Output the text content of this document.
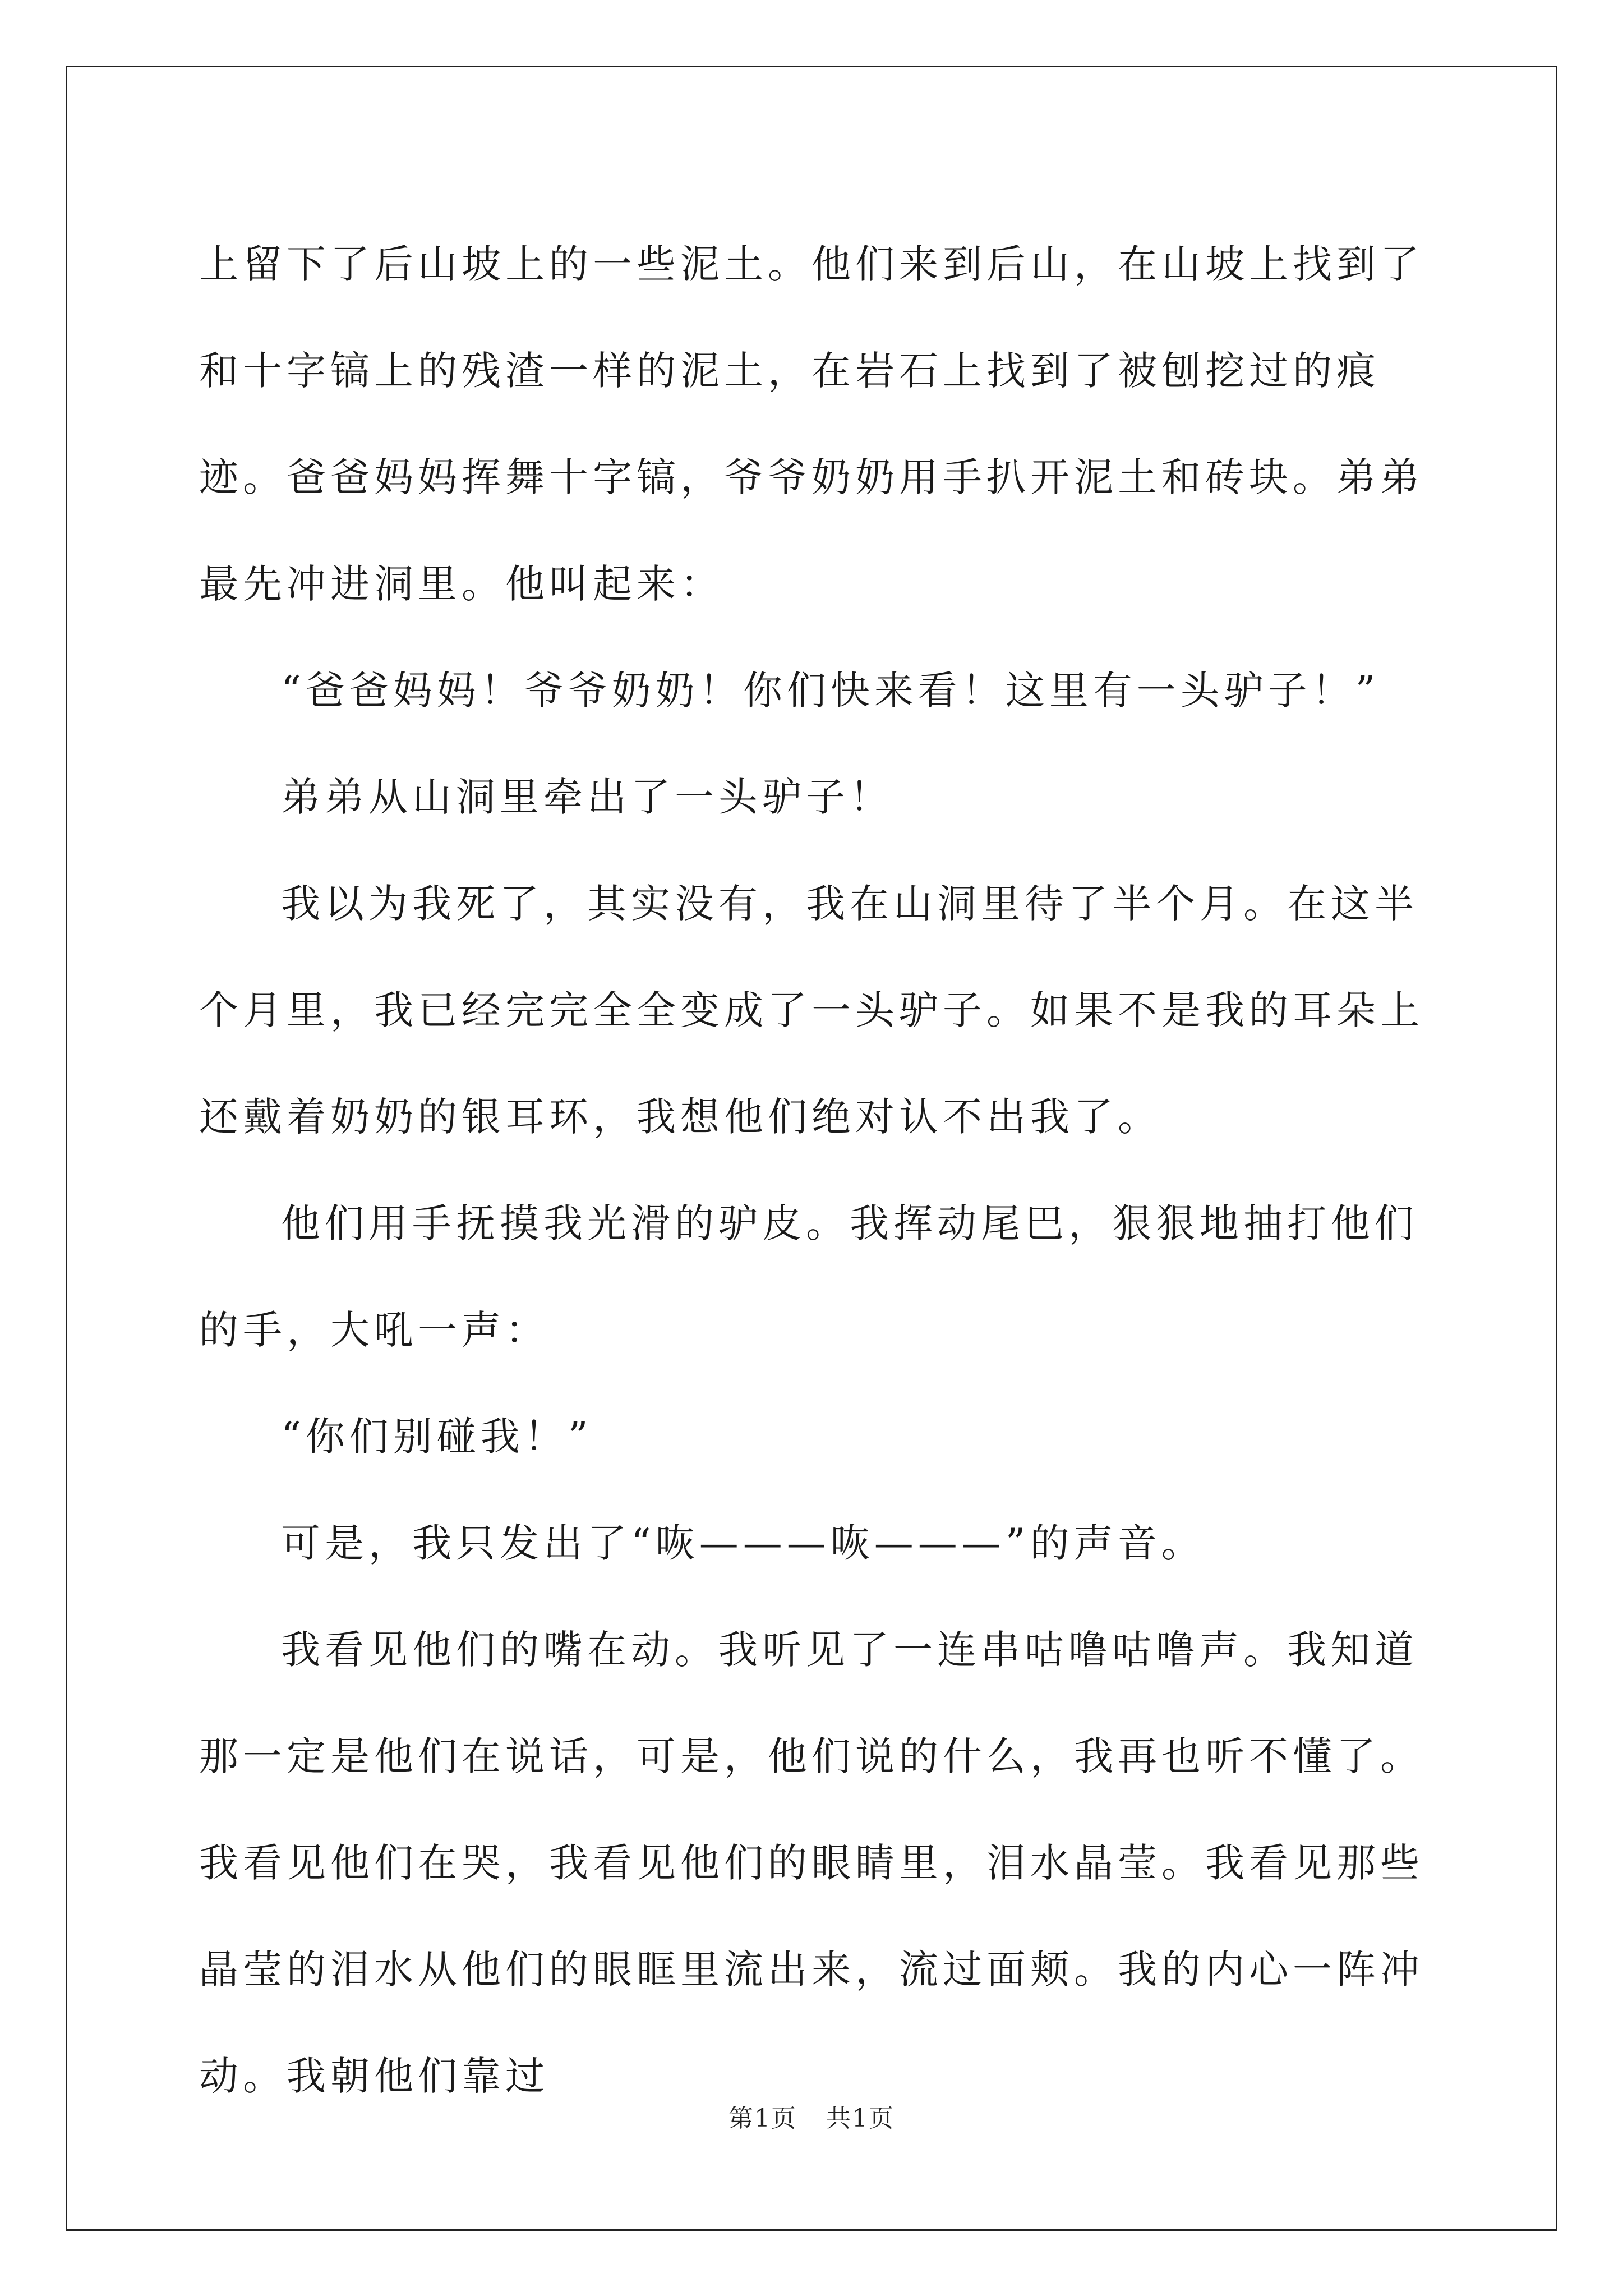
上留下了后山坡上的一些泥土。他们来到后山，在山坡上找到了和十字镐上的残渣一样的泥土，在岩石上找到了被刨挖过的痕迹。爸爸妈妈挥舞十字镐，爷爷奶奶用手扒开泥土和砖块。弟弟最先冲进洞里。他叫起来：

“爸爸妈妈！爷爷奶奶！你们快来看！这里有一头驴子！”

弟弟从山洞里牵出了一头驴子！

我以为我死了，其实没有，我在山洞里待了半个月。在这半个月里，我已经完完全全变成了一头驴子。如果不是我的耳朵上还戴着奶奶的银耳环，我想他们绝对认不出我了。

他们用手抚摸我光滑的驴皮。我挥动尾巴，狠狠地抽打他们的手，大吼一声：

“你们别碰我！”

可是，我只发出了“咴———咴———”的声音。

我看见他们的嘴在动。我听见了一连串咕噜咕噜声。我知道那一定是他们在说话，可是，他们说的什么，我再也听不懂了。我看见他们在哭，我看见他们的眼睛里，泪水晶莹。我看见那些晶莹的泪水从他们的眼眶里流出来，流过面颊。我的内心一阵冲动。我朝他们靠过

第1页 共1页
